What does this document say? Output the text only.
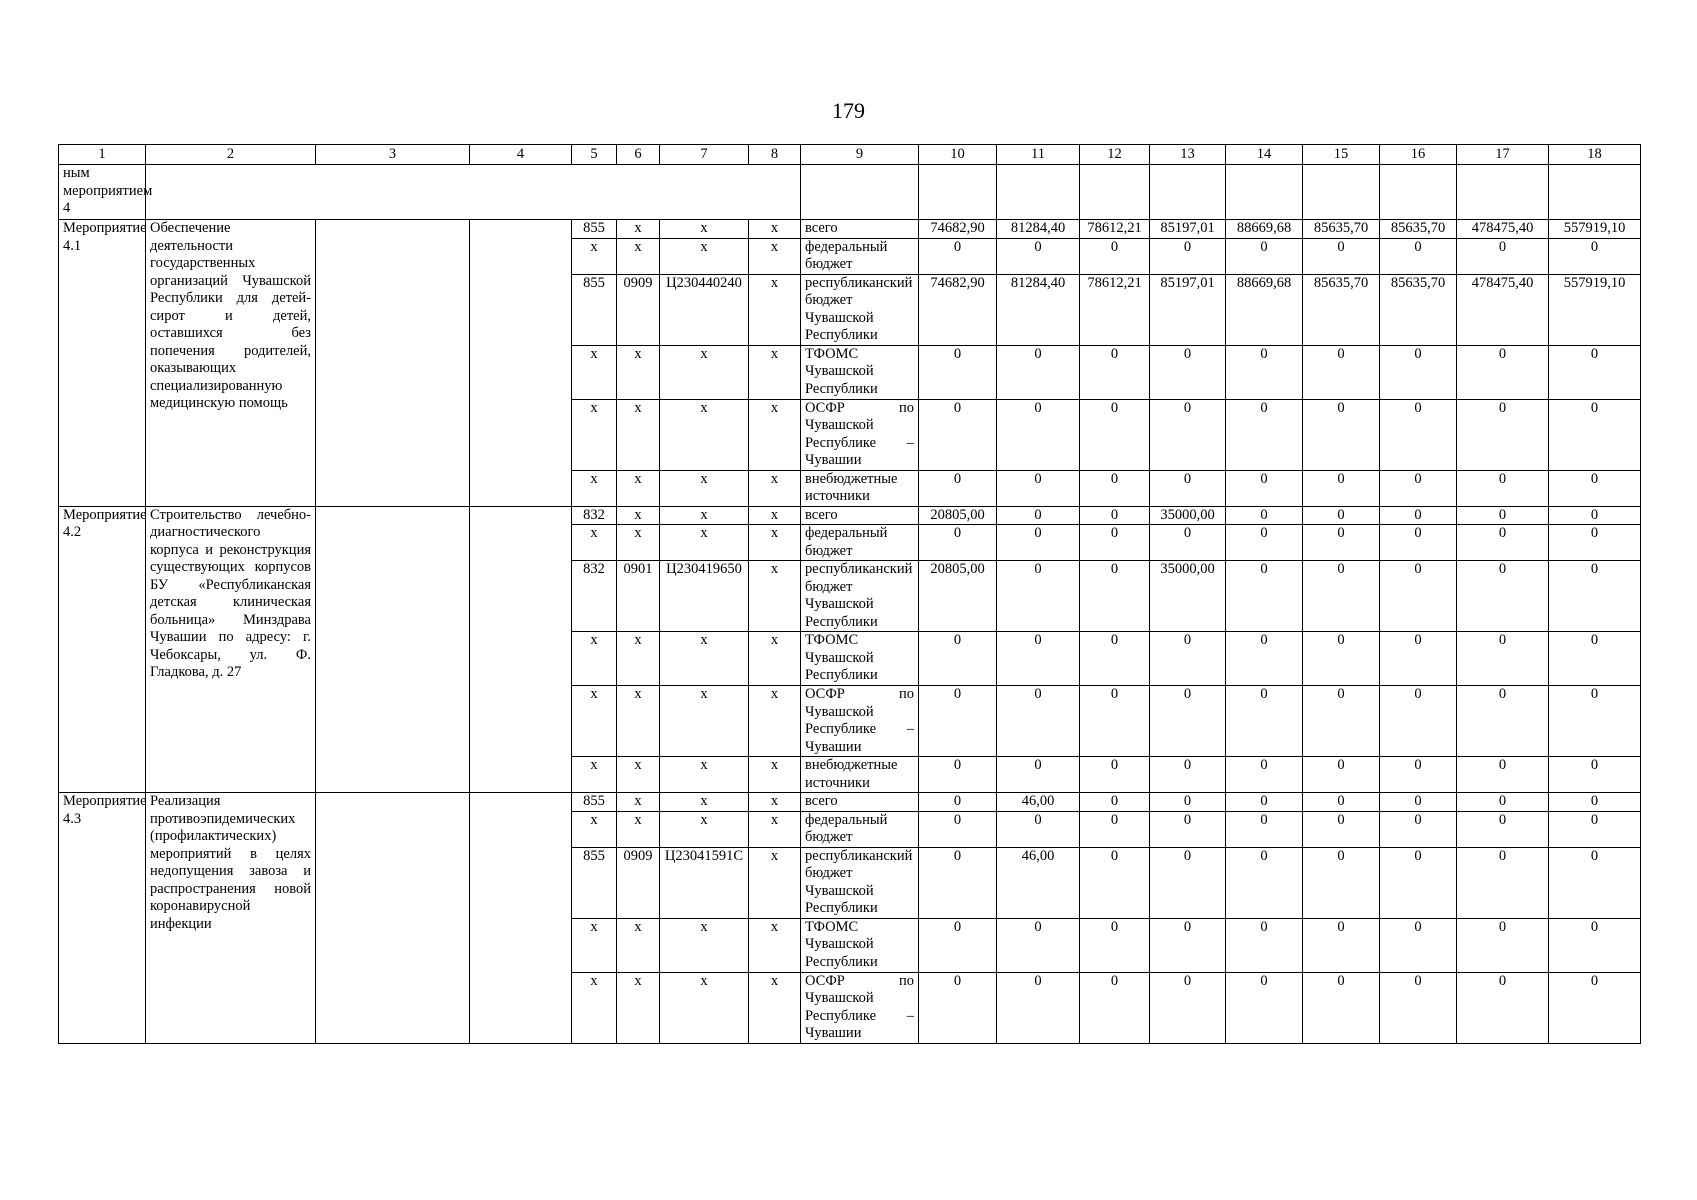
179
1	2	3	4	5	6	7	8	9	10	11	12	13	14	15	16	17	18
ным мероприятием 4																	
Мероприятие 4.1	Обеспечение деятельности государственных организаций Чувашской Республики для детей-сирот и детей, оставшихся без попечения родителей, оказывающих специализированную медицинскую помощь			855	x	x	x	всего	74682,90	81284,40	78612,21	85197,01	88669,68	85635,70	85635,70	478475,40	557919,10
				x	x	x	x	федеральный бюджет	0	0	0	0	0	0	0	0	0
				855	0909	Ц230440240	x	республиканский бюджет Чувашской Республики	74682,90	81284,40	78612,21	85197,01	88669,68	85635,70	85635,70	478475,40	557919,10
				x	x	x	x	ТФОМС Чувашской Республики	0	0	0	0	0	0	0	0	0
				x	x	x	x	ОСФР по Чувашской Республике – Чувашии	0	0	0	0	0	0	0	0	0
				x	x	x	x	внебюджетные источники	0	0	0	0	0	0	0	0	0
Мероприятие 4.2	Строительство лечебно-диагностического корпуса и реконструкция существующих корпусов БУ «Республиканская детская клиническая больница» Минздрава Чувашии по адресу: г. Чебоксары, ул. Ф. Гладкова, д. 27			832	x	x	x	всего	20805,00	0	0	35000,00	0	0	0	0	0
				x	x	x	x	федеральный бюджет	0	0	0	0	0	0	0	0	0
				832	0901	Ц230419650	x	республиканский бюджет Чувашской Республики	20805,00	0	0	35000,00	0	0	0	0	0
				x	x	x	x	ТФОМС Чувашской Республики	0	0	0	0	0	0	0	0	0
				x	x	x	x	ОСФР по Чувашской Республике – Чувашии	0	0	0	0	0	0	0	0	0
				x	x	x	x	внебюджетные источники	0	0	0	0	0	0	0	0	0
Мероприятие 4.3	Реализация противоэпидемических (профилактических) мероприятий в целях недопущения завоза и распространения новой коронавирусной инфекции			855	x	x	x	всего	0	46,00	0	0	0	0	0	0	0
				x	x	x	x	федеральный бюджет	0	0	0	0	0	0	0	0	0
				855	0909	Ц23041591С	x	республиканский бюджет Чувашской Республики	0	46,00	0	0	0	0	0	0	0
				x	x	x	x	ТФОМС Чувашской Республики	0	0	0	0	0	0	0	0	0
				x	x	x	x	ОСФР по Чувашской Республике – Чувашии	0	0	0	0	0	0	0	0	0
